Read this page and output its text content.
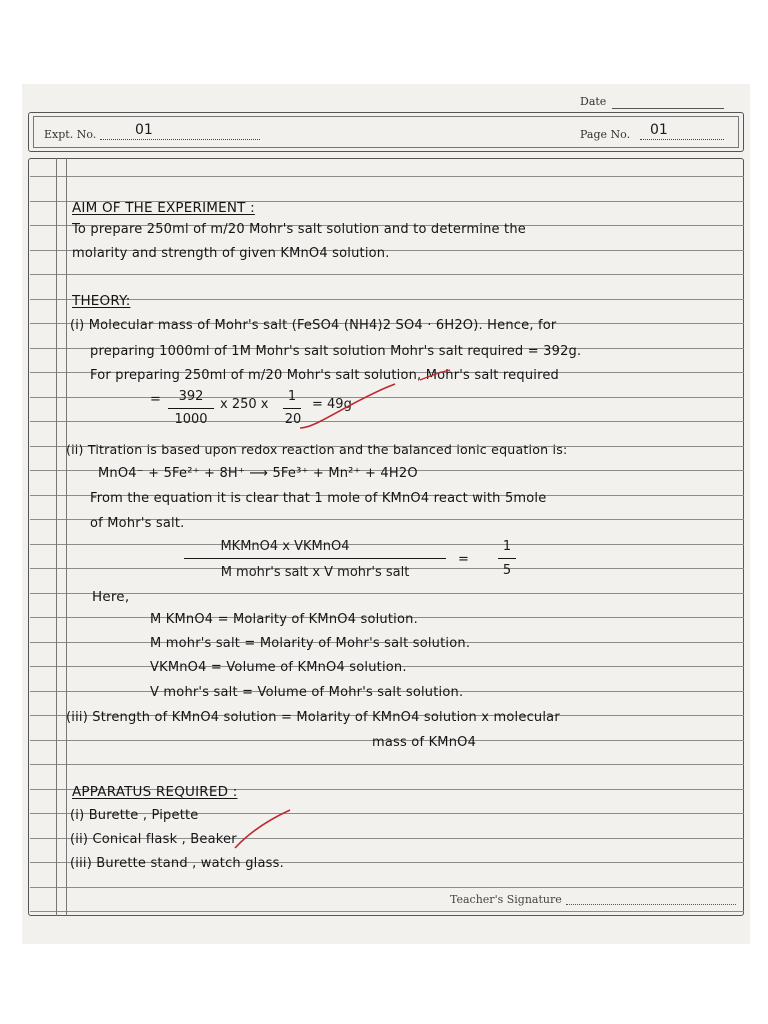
Date
Expt. No.	01	Page No. 01
AIM OF THE EXPERIMENT :
To prepare 250ml of m/20 Mohr's salt solution and to determine the
molarity and strength of given KMnO4 solution.
THEORY:
(i) Molecular mass of Mohr's salt (FeSO4 (NH4)2 SO4 · 6H2O). Hence, for
preparing 1000ml of 1M Mohr's salt solution Mohr's salt required = 392g.
For preparing 250ml of m/20 Mohr's salt solution, Mohr's salt required
=	392
1000
x 250 x
1
20
= 49g
(ii) Titration is based upon redox reaction and the balanced ionic equation is:
MnO4⁻ + 5Fe²⁺ + 8H⁺ ⟶ 5Fe³⁺ + Mn²⁺ + 4H2O
From the equation it is clear that 1 mole of KMnO4 react with 5mole
of Mohr's salt.
MKMnO4 x VKMnO4
M mohr's salt x V mohr's salt
=
1
5
Here,
M KMnO4 = Molarity of KMnO4 solution.
M mohr's salt = Molarity of Mohr's salt solution.
VKMnO4 = Volume of KMnO4 solution.
V mohr's salt = Volume of Mohr's salt solution.
(iii) Strength of KMnO4 solution = Molarity of KMnO4 solution x molecular
mass of KMnO4
APPARATUS REQUIRED :
(i) Burette , Pipette
(ii) Conical flask , Beaker
(iii) Burette stand , watch glass.
Teacher's Signature
